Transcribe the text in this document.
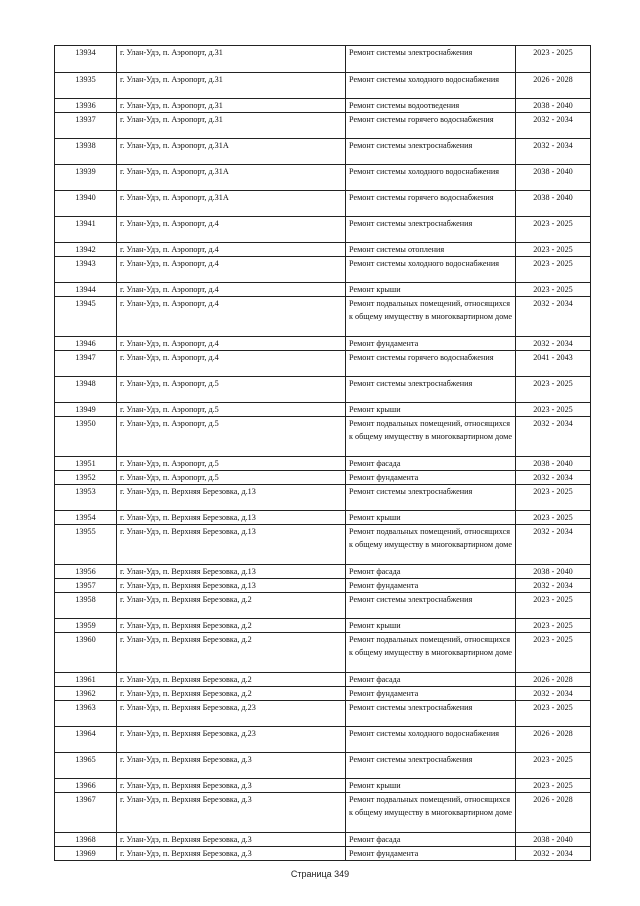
13934	г. Улан-Удэ, п. Аэропорт, д.31	Ремонт системы электроснабжения	2023 - 2025
13935	г. Улан-Удэ, п. Аэропорт, д.31	Ремонт системы холодного водоснабжения	2026 - 2028
13936	г. Улан-Удэ, п. Аэропорт, д.31	Ремонт системы водоотведения	2038 - 2040
13937	г. Улан-Удэ, п. Аэропорт, д.31	Ремонт системы горячего водоснабжения	2032 - 2034
13938	г. Улан-Удэ, п. Аэропорт, д.31А	Ремонт системы электроснабжения	2032 - 2034
13939	г. Улан-Удэ, п. Аэропорт, д.31А	Ремонт системы холодного водоснабжения	2038 - 2040
13940	г. Улан-Удэ, п. Аэропорт, д.31А	Ремонт системы горячего водоснабжения	2038 - 2040
13941	г. Улан-Удэ, п. Аэропорт, д.4	Ремонт системы электроснабжения	2023 - 2025
13942	г. Улан-Удэ, п. Аэропорт, д.4	Ремонт системы отопления	2023 - 2025
13943	г. Улан-Удэ, п. Аэропорт, д.4	Ремонт системы холодного водоснабжения	2023 - 2025
13944	г. Улан-Удэ, п. Аэропорт, д.4	Ремонт крыши	2023 - 2025
13945	г. Улан-Удэ, п. Аэропорт, д.4	Ремонт подвальных помещений, относящихся к общему имуществу в многоквартирном доме	2032 - 2034
13946	г. Улан-Удэ, п. Аэропорт, д.4	Ремонт фундамента	2032 - 2034
13947	г. Улан-Удэ, п. Аэропорт, д.4	Ремонт системы горячего водоснабжения	2041 - 2043
13948	г. Улан-Удэ, п. Аэропорт, д.5	Ремонт системы электроснабжения	2023 - 2025
13949	г. Улан-Удэ, п. Аэропорт, д.5	Ремонт крыши	2023 - 2025
13950	г. Улан-Удэ, п. Аэропорт, д.5	Ремонт подвальных помещений, относящихся к общему имуществу в многоквартирном доме	2032 - 2034
13951	г. Улан-Удэ, п. Аэропорт, д.5	Ремонт фасада	2038 - 2040
13952	г. Улан-Удэ, п. Аэропорт, д.5	Ремонт фундамента	2032 - 2034
13953	г. Улан-Удэ, п. Верхняя Березовка, д.13	Ремонт системы электроснабжения	2023 - 2025
13954	г. Улан-Удэ, п. Верхняя Березовка, д.13	Ремонт крыши	2023 - 2025
13955	г. Улан-Удэ, п. Верхняя Березовка, д.13	Ремонт подвальных помещений, относящихся к общему имуществу в многоквартирном доме	2032 - 2034
13956	г. Улан-Удэ, п. Верхняя Березовка, д.13	Ремонт фасада	2038 - 2040
13957	г. Улан-Удэ, п. Верхняя Березовка, д.13	Ремонт фундамента	2032 - 2034
13958	г. Улан-Удэ, п. Верхняя Березовка, д.2	Ремонт системы электроснабжения	2023 - 2025
13959	г. Улан-Удэ, п. Верхняя Березовка, д.2	Ремонт крыши	2023 - 2025
13960	г. Улан-Удэ, п. Верхняя Березовка, д.2	Ремонт подвальных помещений, относящихся к общему имуществу в многоквартирном доме	2023 - 2025
13961	г. Улан-Удэ, п. Верхняя Березовка, д.2	Ремонт фасада	2026 - 2028
13962	г. Улан-Удэ, п. Верхняя Березовка, д.2	Ремонт фундамента	2032 - 2034
13963	г. Улан-Удэ, п. Верхняя Березовка, д.23	Ремонт системы электроснабжения	2023 - 2025
13964	г. Улан-Удэ, п. Верхняя Березовка, д.23	Ремонт системы холодного водоснабжения	2026 - 2028
13965	г. Улан-Удэ, п. Верхняя Березовка, д.3	Ремонт системы электроснабжения	2023 - 2025
13966	г. Улан-Удэ, п. Верхняя Березовка, д.3	Ремонт крыши	2023 - 2025
13967	г. Улан-Удэ, п. Верхняя Березовка, д.3	Ремонт подвальных помещений, относящихся к общему имуществу в многоквартирном доме	2026 - 2028
13968	г. Улан-Удэ, п. Верхняя Березовка, д.3	Ремонт фасада	2038 - 2040
13969	г. Улан-Удэ, п. Верхняя Березовка, д.3	Ремонт фундамента	2032 - 2034
Страница 349
